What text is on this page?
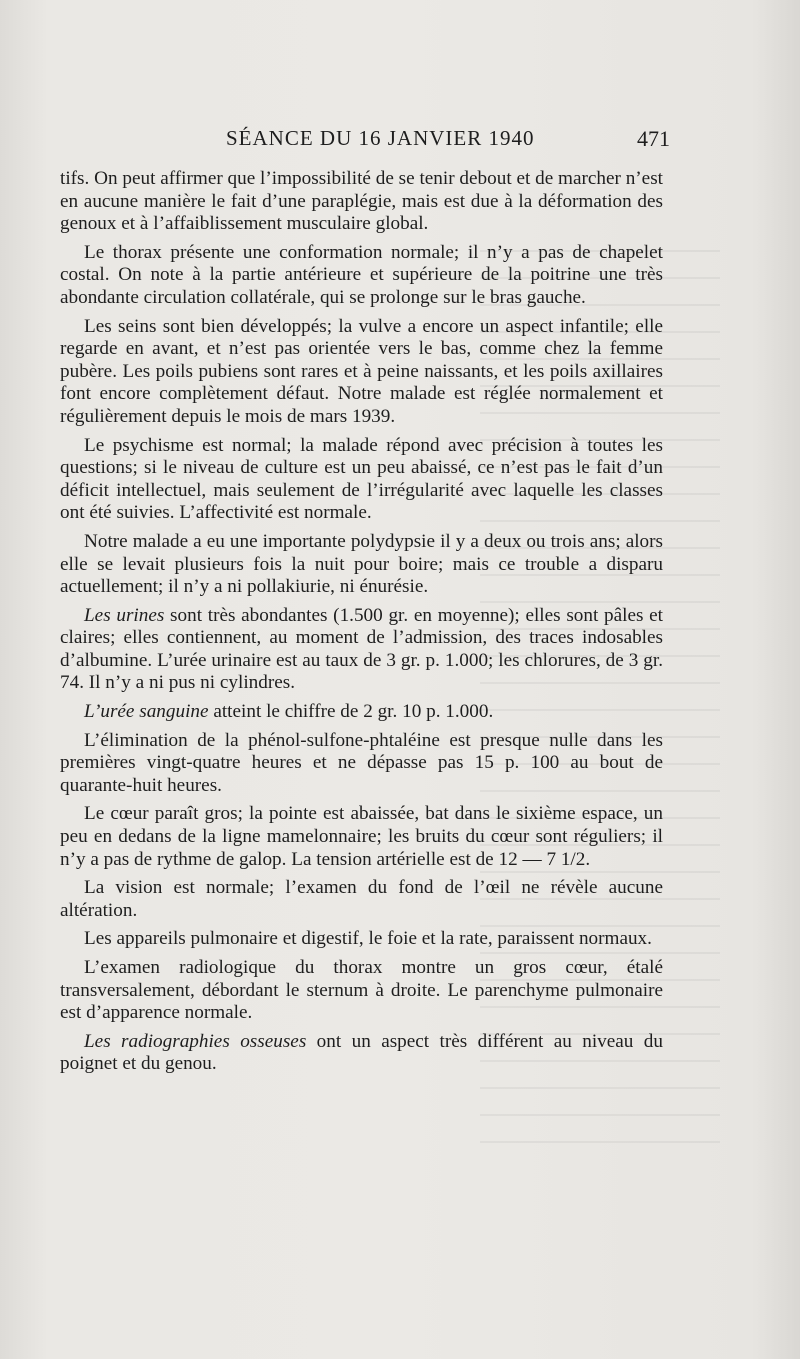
SÉANCE DU 16 JANVIER 1940	471

tifs. On peut affirmer que l’impossibilité de se tenir debout et de marcher n’est en aucune manière le fait d’une paraplégie, mais est due à la déformation des genoux et à l’affaiblissement musculaire global.

Le thorax présente une conformation normale; il n’y a pas de chapelet costal. On note à la partie antérieure et supérieure de la poitrine une très abondante circulation collatérale, qui se prolonge sur le bras gauche.

Les seins sont bien développés; la vulve a encore un aspect infantile; elle regarde en avant, et n’est pas orientée vers le bas, comme chez la femme pubère. Les poils pubiens sont rares et à peine naissants, et les poils axillaires font encore complètement défaut. Notre malade est réglée normalement et régulièrement depuis le mois de mars 1939.

Le psychisme est normal; la malade répond avec précision à toutes les questions; si le niveau de culture est un peu abaissé, ce n’est pas le fait d’un déficit intellectuel, mais seulement de l’irrégularité avec laquelle les classes ont été suivies. L’affectivité est normale.

Notre malade a eu une importante polydypsie il y a deux ou trois ans; alors elle se levait plusieurs fois la nuit pour boire; mais ce trouble a disparu actuellement; il n’y a ni pollakiurie, ni énurésie.

Les urines sont très abondantes (1.500 gr. en moyenne); elles sont pâles et claires; elles contiennent, au moment de l’admission, des traces indosables d’albumine. L’urée urinaire est au taux de 3 gr. p. 1.000; les chlorures, de 3 gr. 74. Il n’y a ni pus ni cylindres.

L’urée sanguine atteint le chiffre de 2 gr. 10 p. 1.000.

L’élimination de la phénol-sulfone-phtaléine est presque nulle dans les premières vingt-quatre heures et ne dépasse pas 15 p. 100 au bout de quarante-huit heures.

Le cœur paraît gros; la pointe est abaissée, bat dans le sixième espace, un peu en dedans de la ligne mamelonnaire; les bruits du cœur sont réguliers; il n’y a pas de rythme de galop. La tension artérielle est de 12 — 7 1/2.

La vision est normale; l’examen du fond de l’œil ne révèle aucune altération.

Les appareils pulmonaire et digestif, le foie et la rate, paraissent normaux.

L’examen radiologique du thorax montre un gros cœur, étalé transversalement, débordant le sternum à droite. Le parenchyme pulmonaire est d’apparence normale.

Les radiographies osseuses ont un aspect très différent au niveau du poignet et du genou.
